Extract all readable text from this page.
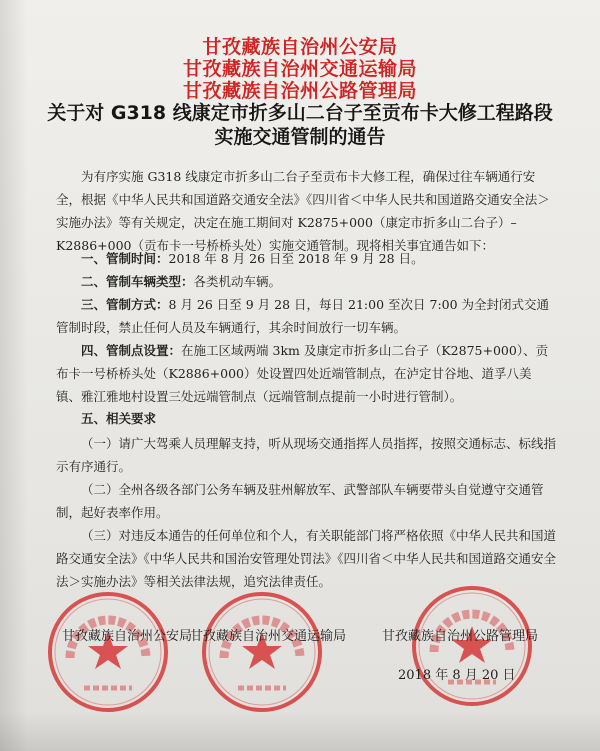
甘孜藏族自治州公安局
甘孜藏族自治州交通运输局
甘孜藏族自治州公路管理局
关于对 G318 线康定市折多山二台子至贡布卡大修工程路段实施交通管制的通告
为有序实施 G318 线康定市折多山二台子至贡布卡大修工程，确保过往车辆通行安全，根据《中华人民共和国道路交通安全法》《四川省＜中华人民共和国道路交通安全法＞实施办法》等有关规定，决定在施工期间对 K2875+000（康定市折多山二台子）– K2886+000（贡布卡一号桥桥头处）实施交通管制。现将相关事宜通告如下：
一、管制时间：2018 年 8 月 26 日至 2018 年 9 月 28 日。
二、管制车辆类型：各类机动车辆。
三、管制方式：8 月 26 日至 9 月 28 日，每日 21:00 至次日 7:00 为全封闭式交通管制时段，禁止任何人员及车辆通行，其余时间放行一切车辆。
四、管制点设置：在施工区域两端 3km 及康定市折多山二台子（K2875+000）、贡布卡一号桥桥头处（K2886+000）处设置四处近端管制点，在泸定甘谷地、道孚八美镇、雅江雅地村设置三处远端管制点（远端管制点提前一小时进行管制）。
五、相关要求
（一）请广大驾乘人员理解支持，听从现场交通指挥人员指挥，按照交通标志、标线指示有序通行。
（二）全州各级各部门公务车辆及驻州解放军、武警部队车辆要带头自觉遵守交通管制，起好表率作用。
（三）对违反本通告的任何单位和个人，有关职能部门将严格依照《中华人民共和国道路交通安全法》《中华人民共和国治安管理处罚法》《四川省＜中华人民共和国道路交通安全法＞实施办法》等相关法律法规，追究法律责任。
甘孜藏族自治州公安局
甘孜藏族自治州交通运输局	甘孜藏族自治州公路管理局
2018 年 8 月 20 日
